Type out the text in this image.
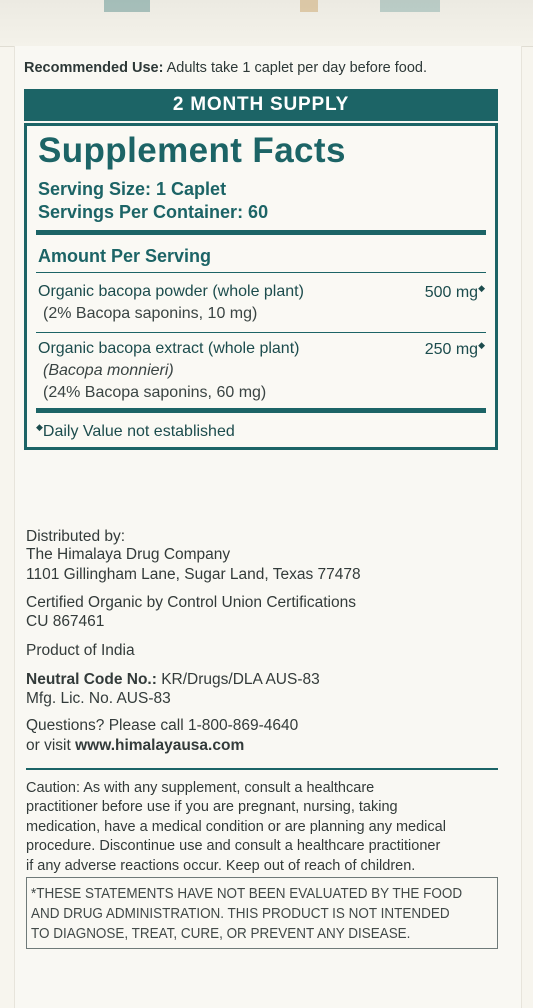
Recommended Use: Adults take 1 caplet per day before food.
2 MONTH SUPPLY
Supplement Facts
Serving Size: 1 Caplet
Servings Per Container: 60
Amount Per Serving
Organic bacopa powder (whole plant)	500 mg◆
(2% Bacopa saponins, 10 mg)
Organic bacopa extract (whole plant)	250 mg◆
(Bacopa monnieri)
(24% Bacopa saponins, 60 mg)
◆Daily Value not established
Distributed by:
The Himalaya Drug Company
1101 Gillingham Lane, Sugar Land, Texas 77478
Certified Organic by Control Union Certifications
CU 867461
Product of India
Neutral Code No.: KR/Drugs/DLA AUS-83
Mfg. Lic. No. AUS-83
Questions? Please call 1-800-869-4640
or visit www.himalayausa.com
Caution: As with any supplement, consult a healthcare
practitioner before use if you are pregnant, nursing, taking
medication, have a medical condition or are planning any medical
procedure. Discontinue use and consult a healthcare practitioner
if any adverse reactions occur. Keep out of reach of children.
*THESE STATEMENTS HAVE NOT BEEN EVALUATED BY THE FOOD
AND DRUG ADMINISTRATION. THIS PRODUCT IS NOT INTENDED
TO DIAGNOSE, TREAT, CURE, OR PREVENT ANY DISEASE.
